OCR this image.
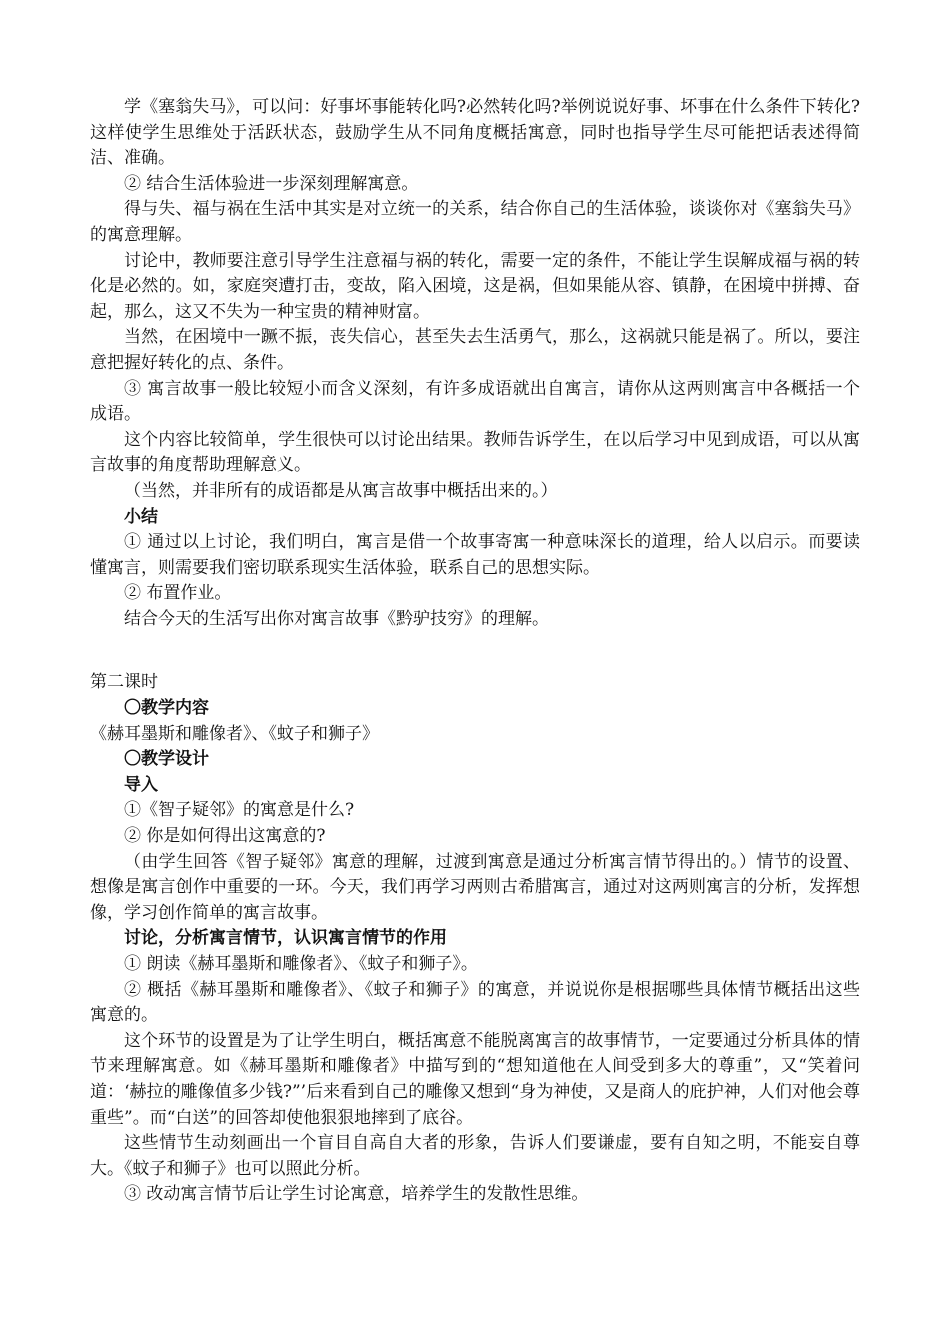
学《塞翁失马》，可以问：好事坏事能转化吗?必然转化吗?举例说说好事、坏事在什么条件下转化?这样使学生思维处于活跃状态，鼓励学生从不同角度概括寓意，同时也指导学生尽可能把话表述得简洁、准确。

② 结合生活体验进一步深刻理解寓意。

得与失、福与祸在生活中其实是对立统一的关系，结合你自己的生活体验，谈谈你对《塞翁失马》的寓意理解。

讨论中，教师要注意引导学生注意福与祸的转化，需要一定的条件，不能让学生误解成福与祸的转化是必然的。如，家庭突遭打击，变故，陷入困境，这是祸，但如果能从容、镇静，在困境中拼搏、奋起，那么，这又不失为一种宝贵的精神财富。

当然，在困境中一蹶不振，丧失信心，甚至失去生活勇气，那么，这祸就只能是祸了。所以，要注意把握好转化的点、条件。

③ 寓言故事一般比较短小而含义深刻，有许多成语就出自寓言，请你从这两则寓言中各概括一个成语。

这个内容比较简单，学生很快可以讨论出结果。教师告诉学生，在以后学习中见到成语，可以从寓言故事的角度帮助理解意义。

（当然，并非所有的成语都是从寓言故事中概括出来的。）

小结

① 通过以上讨论，我们明白，寓言是借一个故事寄寓一种意味深长的道理，给人以启示。而要读懂寓言，则需要我们密切联系现实生活体验，联系自己的思想实际。

② 布置作业。

结合今天的生活写出你对寓言故事《黔驴技穷》的理解。

第二课时

〇教学内容

《赫耳墨斯和雕像者》、《蚊子和狮子》

〇教学设计

导入

①《智子疑邻》的寓意是什么?

② 你是如何得出这寓意的?

（由学生回答《智子疑邻》寓意的理解，过渡到寓意是通过分析寓言情节得出的。）情节的设置、想像是寓言创作中重要的一环。今天，我们再学习两则古希腊寓言，通过对这两则寓言的分析，发挥想像，学习创作简单的寓言故事。

讨论，分析寓言情节，认识寓言情节的作用

① 朗读《赫耳墨斯和雕像者》、《蚊子和狮子》。

② 概括《赫耳墨斯和雕像者》、《蚊子和狮子》的寓意，并说说你是根据哪些具体情节概括出这些寓意的。

这个环节的设置是为了让学生明白，概括寓意不能脱离寓言的故事情节，一定要通过分析具体的情节来理解寓意。如《赫耳墨斯和雕像者》中描写到的“想知道他在人间受到多大的尊重”，又“笑着问道：‘赫拉的雕像值多少钱?”’后来看到自己的雕像又想到“身为神使，又是商人的庇护神，人们对他会尊重些”。而“白送”的回答却使他狠狠地摔到了底谷。

这些情节生动刻画出一个盲目自高自大者的形象，告诉人们要谦虚，要有自知之明，不能妄自尊大。《蚊子和狮子》也可以照此分析。

③ 改动寓言情节后让学生讨论寓意，培养学生的发散性思维。
